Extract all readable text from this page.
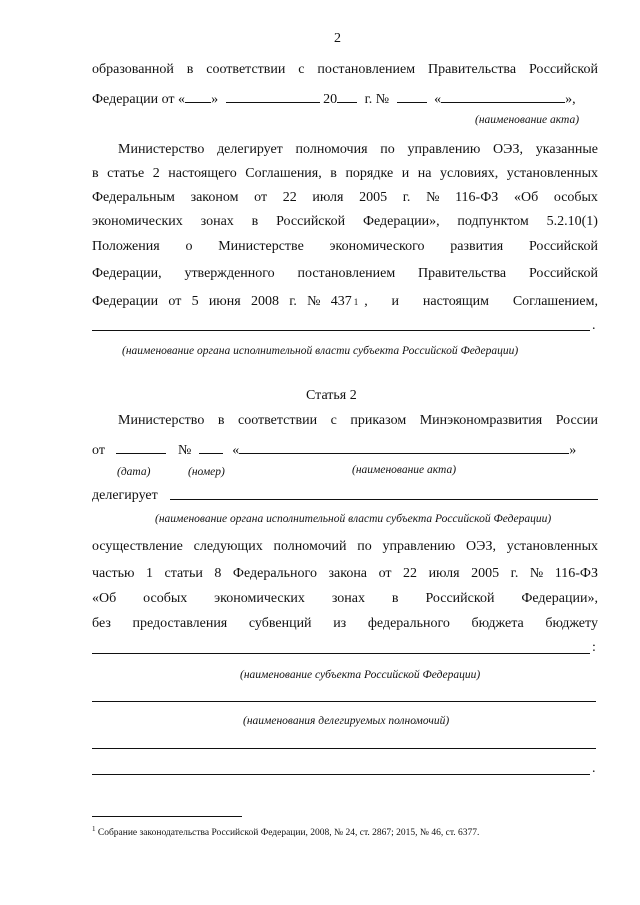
2
образованной в соответствии с постановлением Правительства Российской
Федерации от « »	20 г. №	«	»,
(наименование акта)
Министерство делегирует полномочия по управлению ОЭЗ, указанные
в статье 2 настоящего Соглашения, в порядке и на условиях, установленных
Федеральным законом от 22 июля 2005 г. № 116-ФЗ «Об особых
экономических зонах в Российской Федерации», подпунктом 5.2.10(1)
Положения о Министерстве экономического развития Российской
Федерации, утвержденного постановлением Правительства Российской
Федерации от 5 июня 2008 г. № 437 1 , и настоящим Соглашением,
.
(наименование органа исполнительной власти субъекта Российской Федерации)
Статья 2
Министерство в соответствии с приказом Минэкономразвития России
от	№	«	»
(дата)	(номер)	(наименование акта)
делегирует
(наименование органа исполнительной власти субъекта Российской Федерации)
осуществление следующих полномочий по управлению ОЭЗ, установленных
частью 1 статьи 8 Федерального закона от 22 июля 2005 г. № 116-ФЗ
«Об особых экономических зонах в Российской Федерации»,
без предоставления субвенций из федерального бюджета бюджету
:
(наименование субъекта Российской Федерации)
(наименования делегируемых полномочий)
.
$^1$ Собрание законодательства Российской Федерации, 2008, № 24, ст. 2867; 2015, № 46, ст. 6377.
